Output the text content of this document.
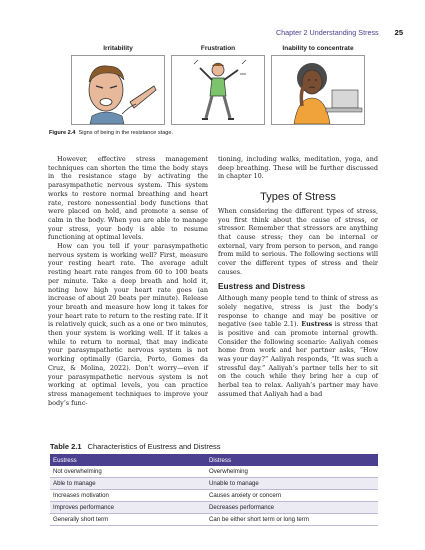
Chapter 2 Understanding Stress 25
Irritability	Frustration	Inability to concentrate
Figure 2.4 Signs of being in the resistance stage.

However, effective stress management techniques can shorten the time the body stays in the resistance stage by activating the parasympathetic nervous system. This system works to restore normal breathing and heart rate, restore nonessential body functions that were placed on hold, and promote a sense of calm in the body. When you are able to manage your stress, your body is able to resume functioning at optimal levels.

How can you tell if your parasympathetic nervous system is working well? First, measure your resting heart rate. The average adult resting heart rate ranges from 60 to 100 beats per minute. Take a deep breath and hold it, noting how high your heart rate goes (an increase of about 20 beats per minute). Release your breath and measure how long it takes for your heart rate to return to the resting rate. If it is relatively quick, such as a one or two minutes, then your system is working well. If it takes a while to return to normal, that may indicate your parasympathetic nervous system is not working optimally (Garcia, Porto, Gomes da Cruz, & Molina, 2022). Don’t worry—even if your parasympathetic nervous system is not working at optimal levels, you can practice stress management techniques to improve your body’s func-

tioning, including walks, meditation, yoga, and deep breathing. These will be further discussed in chapter 10.

Types of Stress

When considering the different types of stress, you first think about the cause of stress, or stressor. Remember that stressors are anything that cause stress; they can be internal or external, vary from person to person, and range from mild to serious. The following sections will cover the different types of stress and their causes.

Eustress and Distress

Although many people tend to think of stress as solely negative, stress is just the body’s response to change and may be positive or negative (see table 2.1). Eustress is stress that is positive and can promote internal growth. Consider the following scenario: Aaliyah comes home from work and her partner asks, “How was your day?” Aaliyah responds, “It was such a stressful day.” Aaliyah’s partner tells her to sit on the couch while they bring her a cup of herbal tea to relax. Aaliyah’s partner may have assumed that Aaliyah had a bad

Table 2.1 Characteristics of Eustress and Distress
Eustress	Distress
Not overwhelming	Overwhelming
Able to manage	Unable to manage
Increases motivation	Causes anxiety or concern
Improves performance	Decreases performance
Generally short term	Can be either short term or long term
